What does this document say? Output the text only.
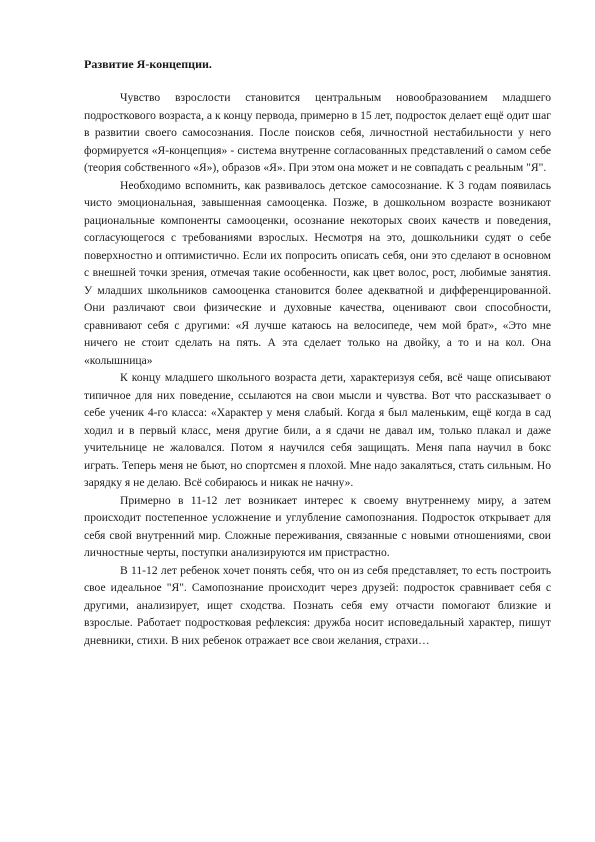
Развитие Я-концепции.

Чувство взрослости становится центральным новообразованием младшего подросткового возраста, а к концу первода, примерно в 15 лет, подросток делает ещё одит шаг в развитии своего самосознания. После поисков себя, личностной нестабильности у него формируется «Я-концепция» - система внутренне согласованных представлений о самом себе (теория собственного «Я»), образов «Я». При этом она может и не совпадать с реальным "Я".

Необходимо вспомнить, как развивалось детское самосознание. К 3 годам появилась чисто эмоциональная, завышенная самооценка. Позже, в дошкольном возрасте возникают рациональные компоненты самооценки, осознание некоторых своих качеств и поведения, согласующегося с требованиями взрослых. Несмотря на это, дошкольники судят о себе поверхностно и оптимистично. Если их попросить описать себя, они это сделают в основном с внешней точки зрения, отмечая такие особенности, как цвет волос, рост, любимые занятия. У младших школьников самооценка становится более адекватной и дифференцированной. Они различают свои физические и духовные качества, оценивают свои способности, сравнивают себя с другими: «Я лучше катаюсь на велосипеде, чем мой брат», «Это мне ничего не стоит сделать на пять. А эта сделает только на двойку, а то и на кол. Она «колышница»

К концу младшего школьного возраста дети, характеризуя себя, всё чаще описывают типичное для них поведение, ссылаются на свои мысли и чувства. Вот что рассказывает о себе ученик 4-го класса: «Характер у меня слабый. Когда я был маленьким, ещё когда в сад ходил и в первый класс, меня другие били, а я сдачи не давал им, только плакал и даже учительнице не жаловался. Потом я научился себя защищать. Меня папа научил в бокс играть. Теперь меня не бьют, но спортсмен я плохой. Мне надо закаляться, стать сильным. Но зарядку я не делаю. Всё собираюсь и никак не начну».

Примерно в 11-12 лет возникает интерес к своему внутреннему миру, а затем происходит постепенное усложнение и углубление самопознания. Подросток открывает для себя свой внутренний мир. Сложные переживания, связанные с новыми отношениями, свои личностные черты, поступки анализируются им пристрастно.

В 11-12 лет ребенок хочет понять себя, что он из себя представляет, то есть построить свое идеальное "Я". Самопознание происходит через друзей: подросток сравнивает себя с другими, анализирует, ищет сходства. Познать себя ему отчасти помогают близкие и взрослые. Работает подростковая рефлексия: дружба носит исповедальный характер, пишут дневники, стихи. В них ребенок отражает все свои желания, страхи…
